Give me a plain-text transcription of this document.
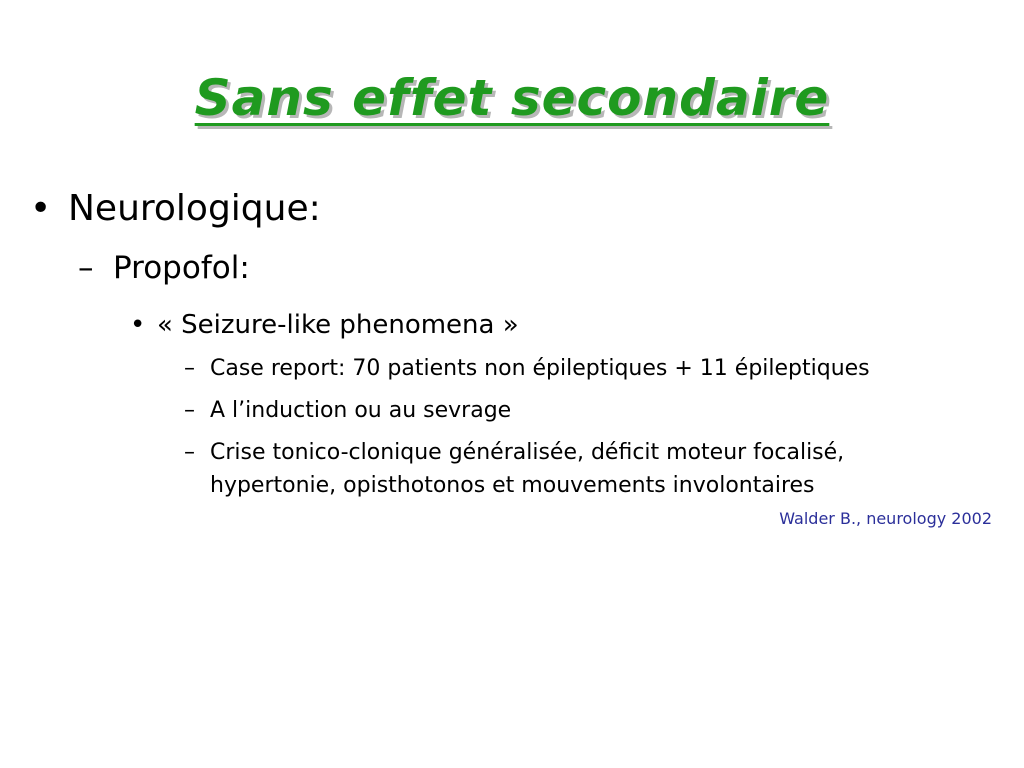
Sans effet secondaire
• Neurologique:
– Propofol:
• « Seizure-like phenomena »
– Case report: 70 patients non épileptiques + 11 épileptiques
– A l’induction ou au sevrage
– Crise tonico-clonique généralisée, déficit moteur focalisé,
hypertonie, opisthotonos et mouvements involontaires
Walder B., neurology 2002
